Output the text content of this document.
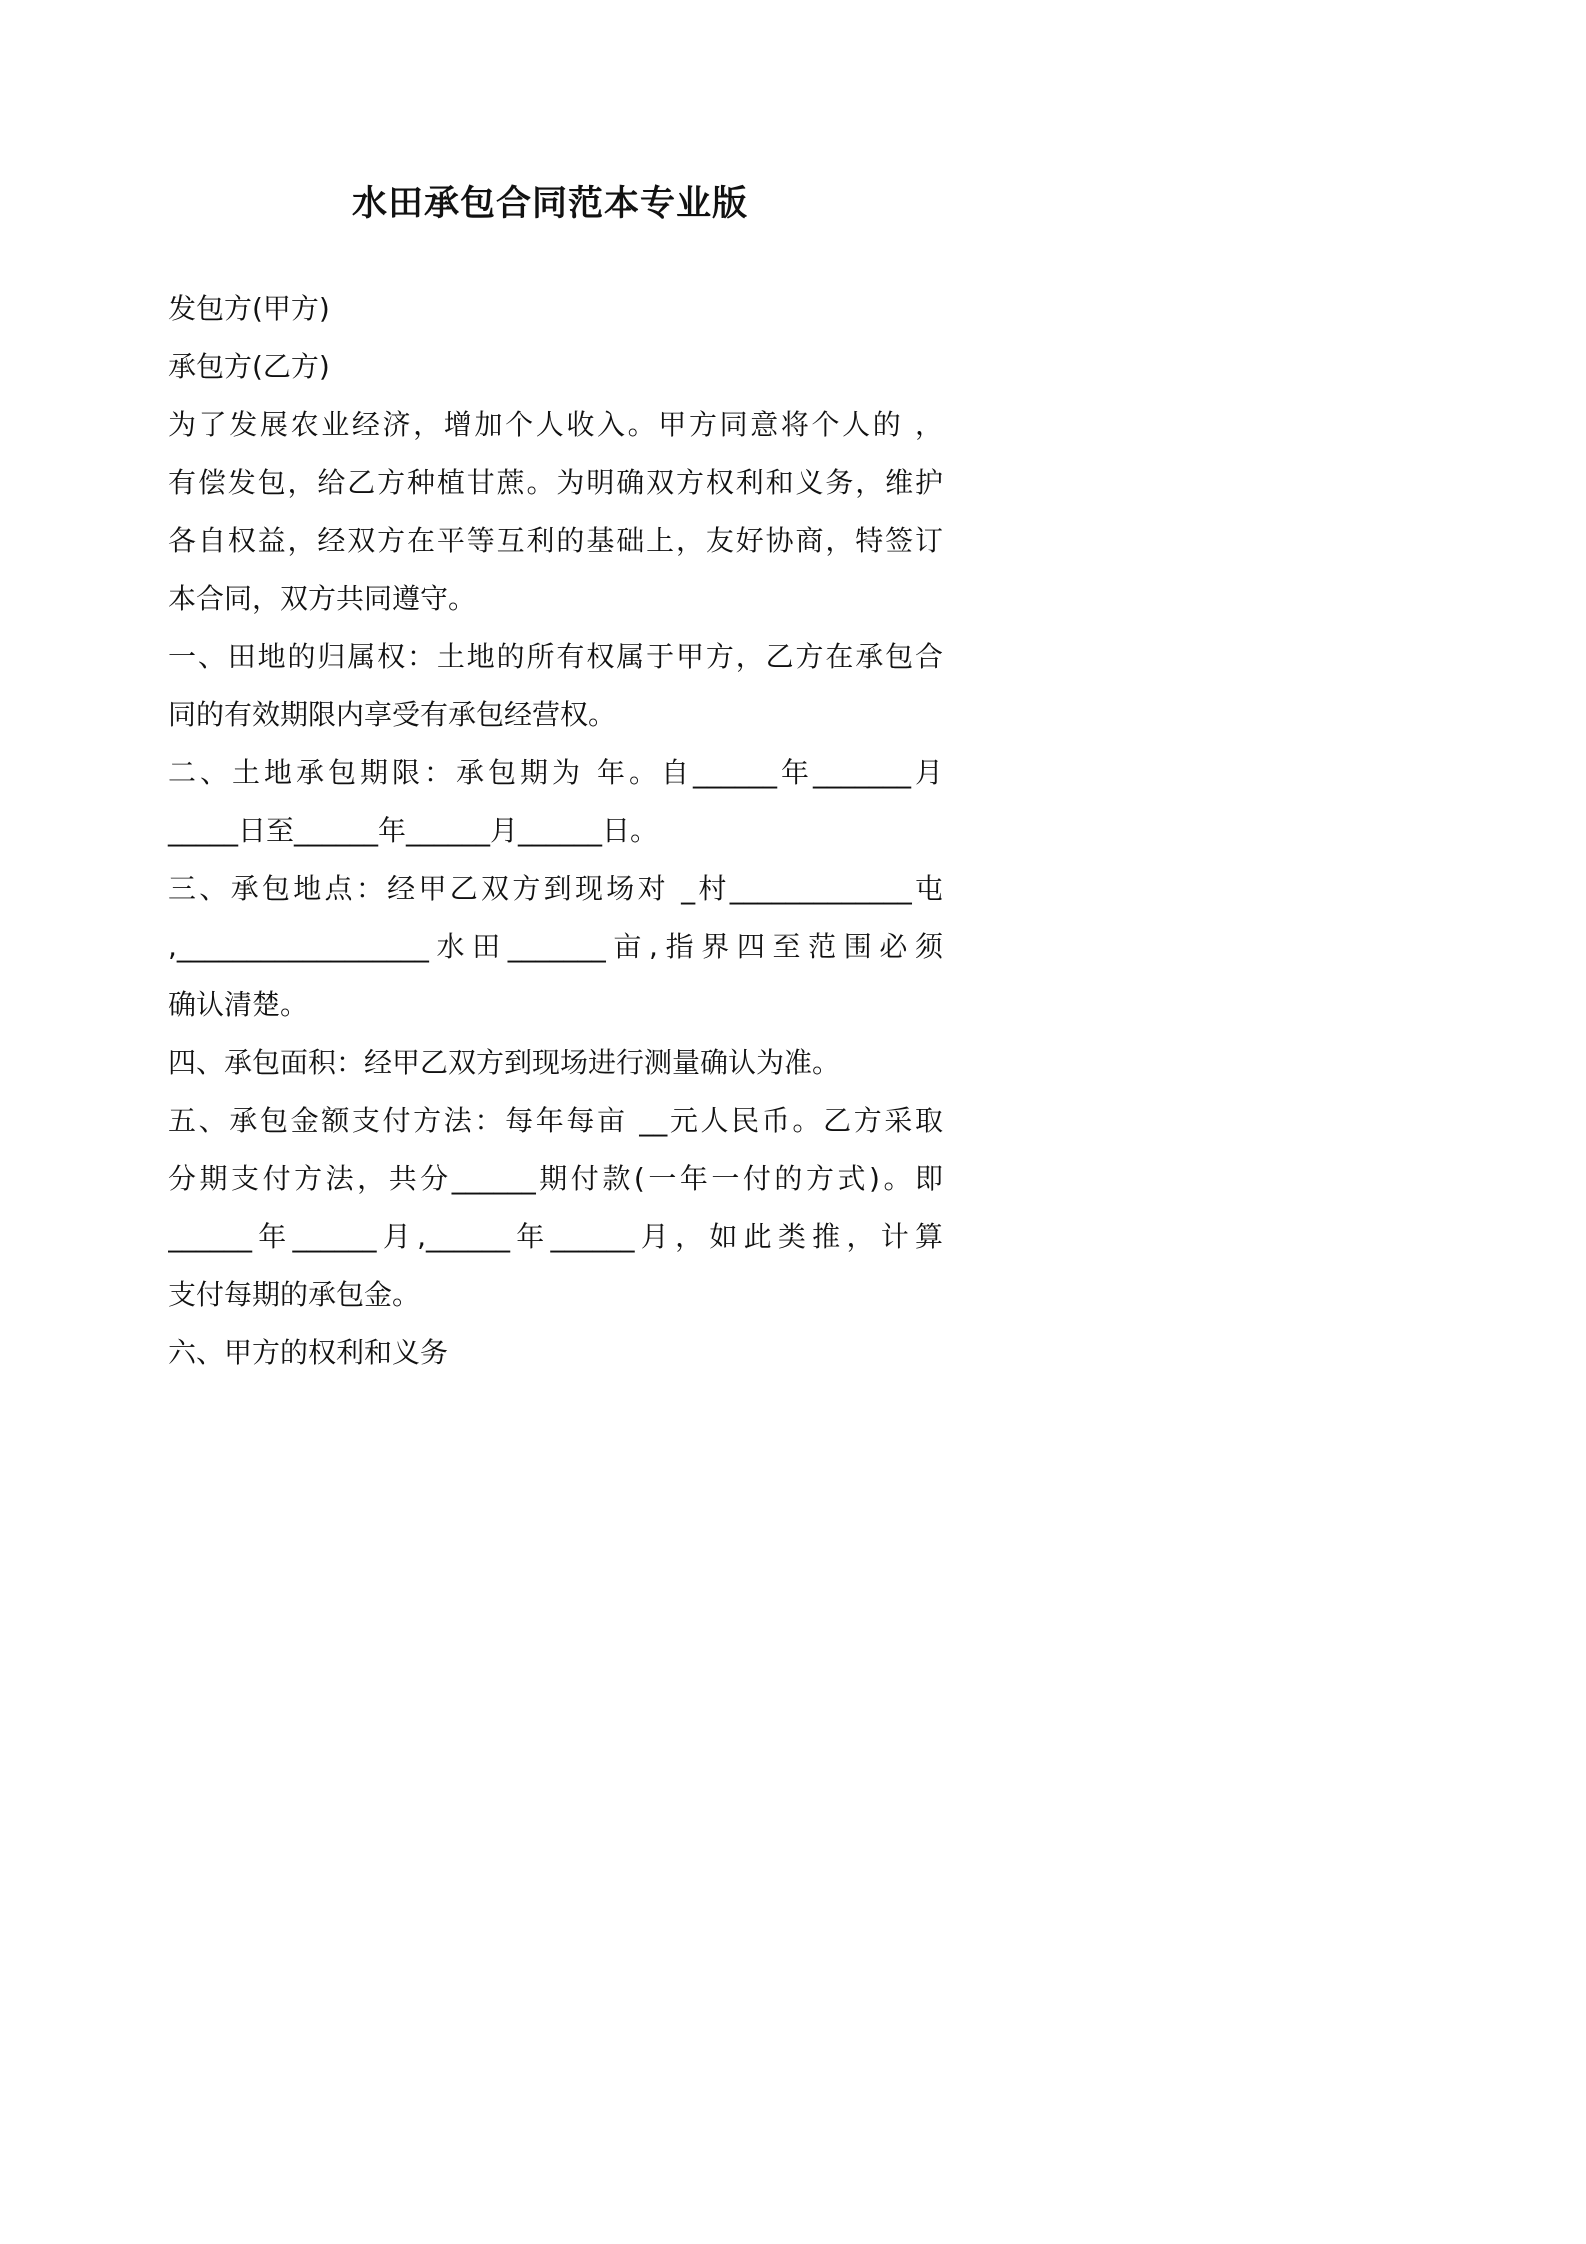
水田承包合同范本专业版
发包方(甲方)
承包方(乙方)
为了发展农业经济，增加个人收入。甲方同意将个人的 ，
有偿发包，给乙方种植甘蔗。为明确双方权利和义务，维护
各自权益，经双方在平等互利的基础上，友好协商，特签订
本合同，双方共同遵守。
一、田地的归属权：土地的所有权属于甲方，乙方在承包合
同的有效期限内享受有承包经营权。
二、土地承包期限：承包期为 年。自______年_______月
_____日至______年______月______日。
三、承包地点：经甲乙双方到现场对 _村_____________屯
,__________________水田_______亩,指界四至范围必须
确认清楚。
四、承包面积：经甲乙双方到现场进行测量确认为准。
五、承包金额支付方法：每年每亩 __元人民币。乙方采取
分期支付方法，共分______期付款(一年一付的方式)。即
______年______月,______年______月，如此类推，计算
支付每期的承包金。
六、甲方的权利和义务
